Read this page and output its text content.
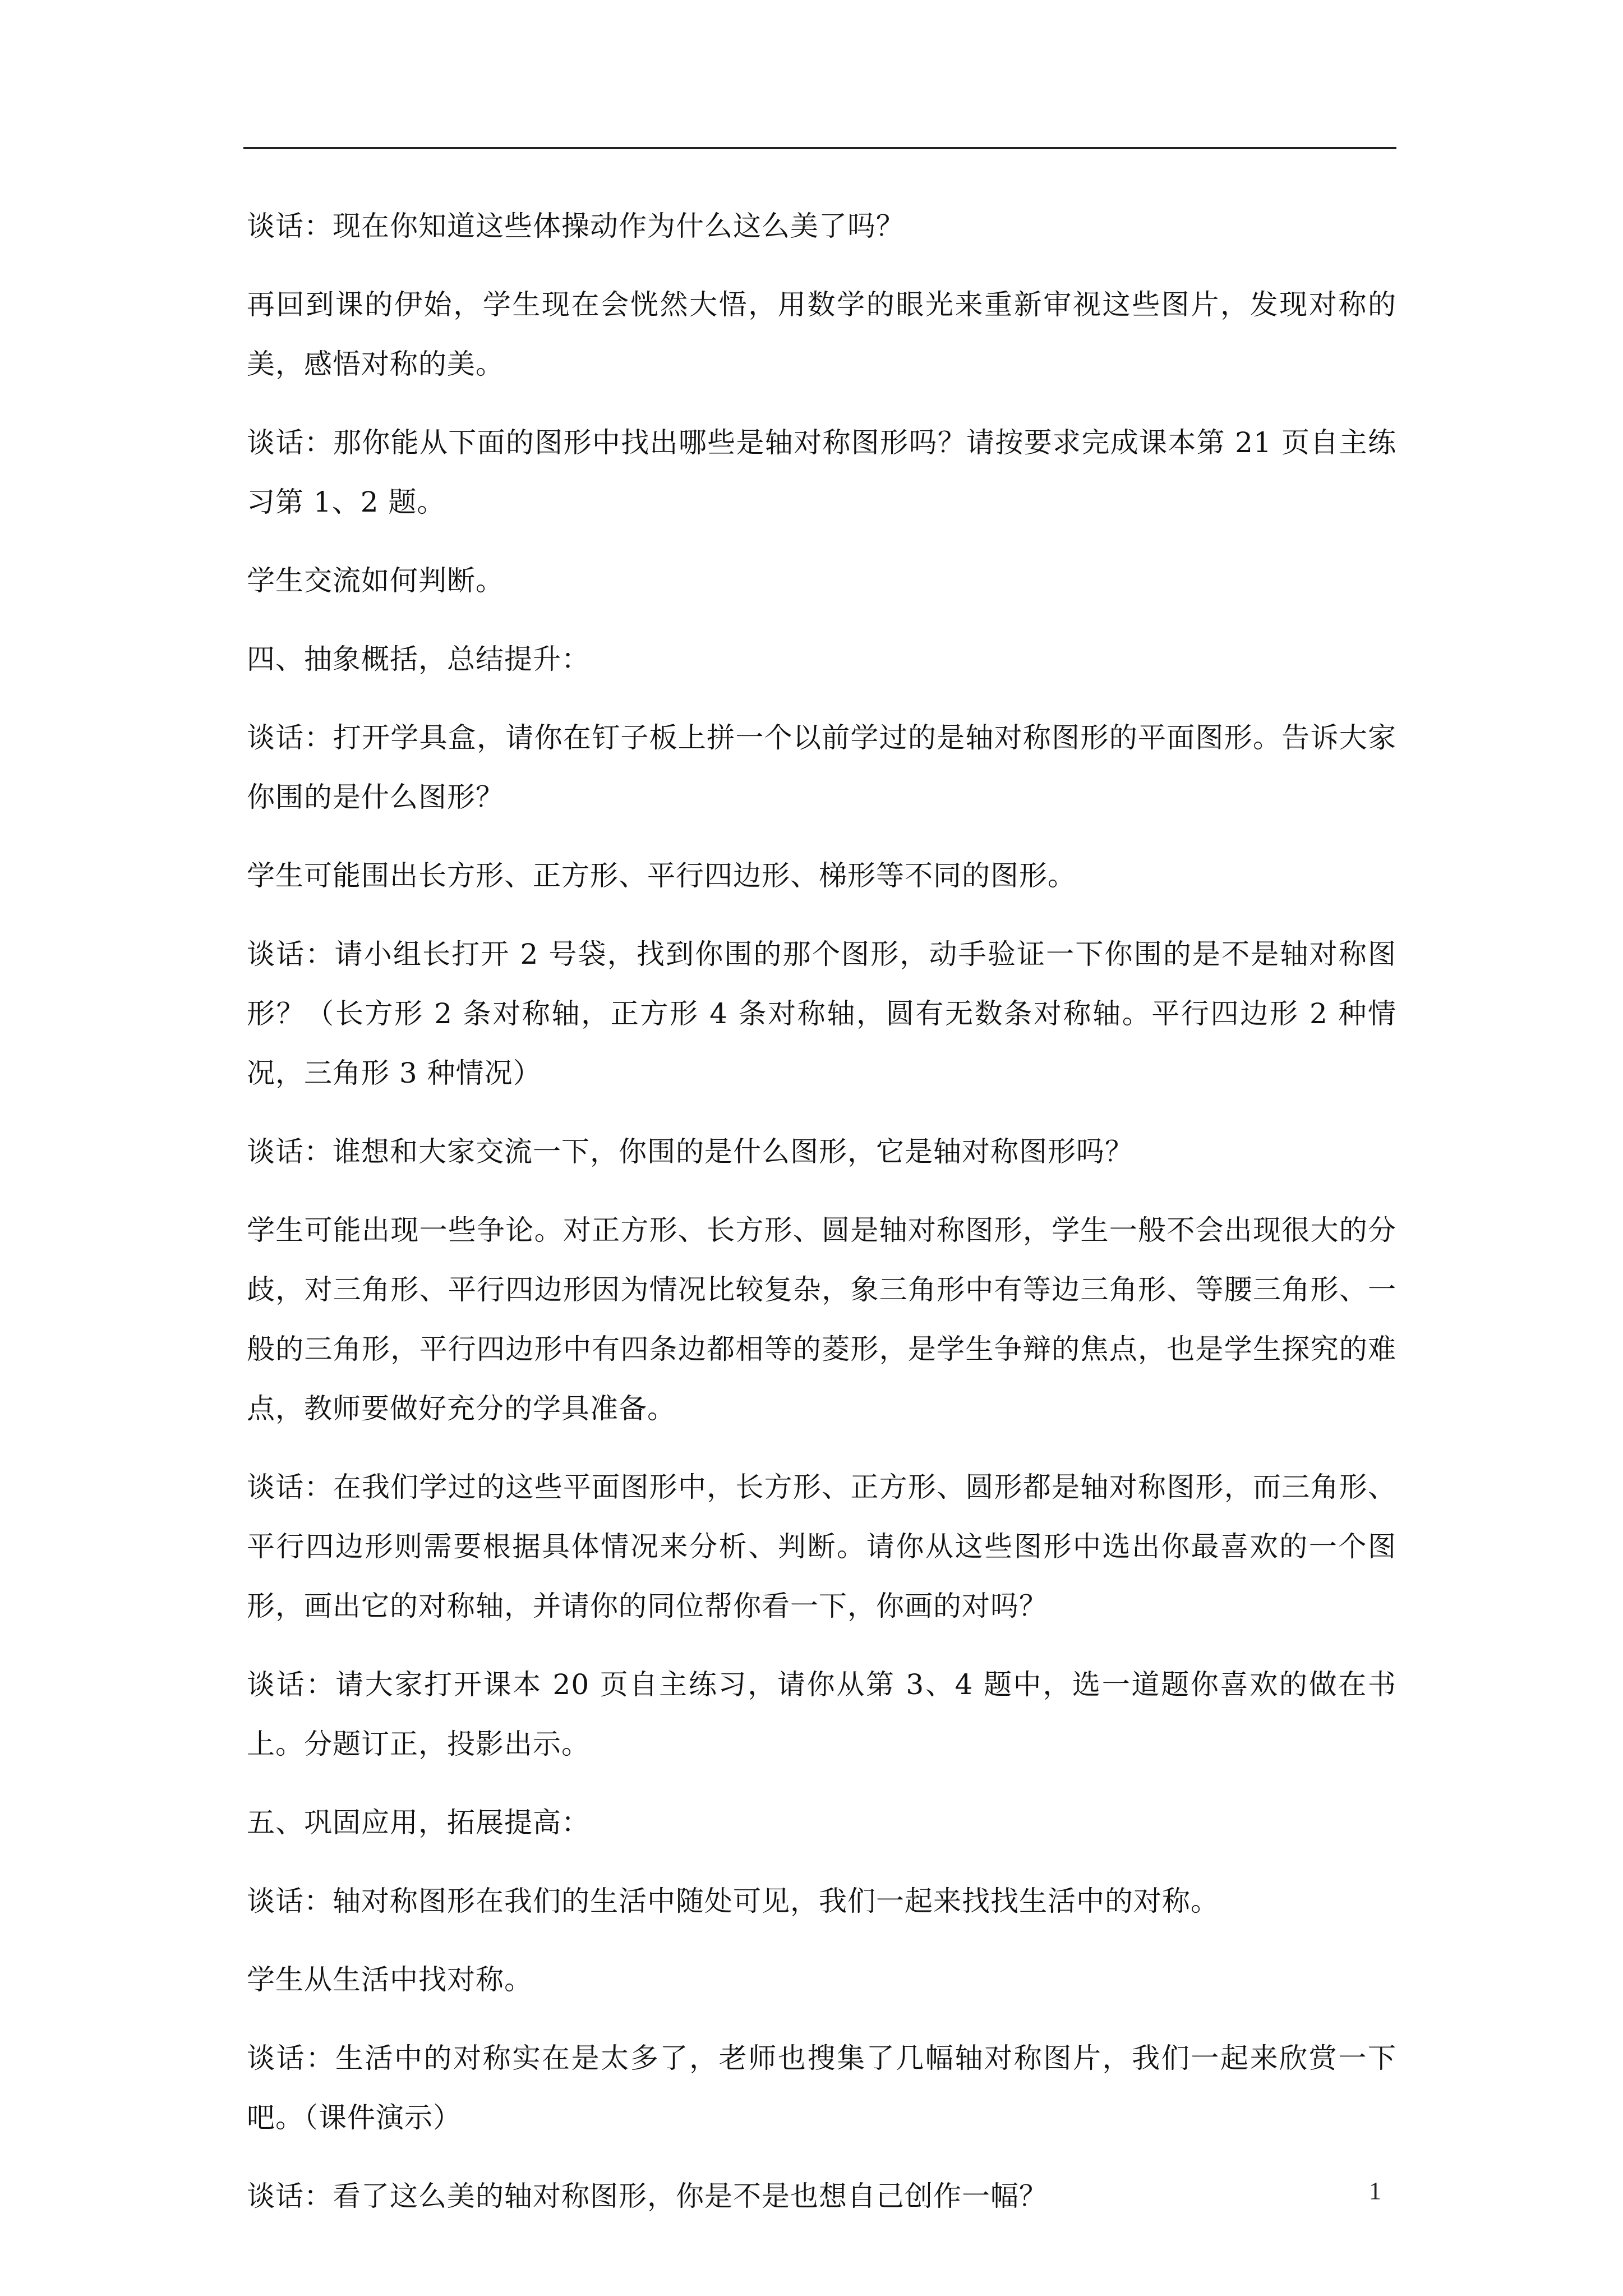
谈话：现在你知道这些体操动作为什么这么美了吗？

再回到课的伊始，学生现在会恍然大悟，用数学的眼光来重新审视这些图片，发现对称的美，感悟对称的美。

谈话：那你能从下面的图形中找出哪些是轴对称图形吗？请按要求完成课本第 21 页自主练习第 1、2 题。

学生交流如何判断。

四、抽象概括，总结提升：

谈话：打开学具盒，请你在钉子板上拼一个以前学过的是轴对称图形的平面图形。告诉大家你围的是什么图形？

学生可能围出长方形、正方形、平行四边形、梯形等不同的图形。

谈话：请小组长打开 2 号袋，找到你围的那个图形，动手验证一下你围的是不是轴对称图形？（长方形 2 条对称轴，正方形 4 条对称轴，圆有无数条对称轴。平行四边形 2 种情况，三角形 3 种情况）

谈话：谁想和大家交流一下，你围的是什么图形，它是轴对称图形吗？

学生可能出现一些争论。对正方形、长方形、圆是轴对称图形，学生一般不会出现很大的分歧，对三角形、平行四边形因为情况比较复杂，象三角形中有等边三角形、等腰三角形、一般的三角形，平行四边形中有四条边都相等的菱形，是学生争辩的焦点，也是学生探究的难点，教师要做好充分的学具准备。

谈话：在我们学过的这些平面图形中，长方形、正方形、圆形都是轴对称图形，而三角形、平行四边形则需要根据具体情况来分析、判断。请你从这些图形中选出你最喜欢的一个图形，画出它的对称轴，并请你的同位帮你看一下，你画的对吗？

谈话：请大家打开课本 20 页自主练习，请你从第 3、4 题中，选一道题你喜欢的做在书上。分题订正，投影出示。

五、巩固应用，拓展提高：

谈话：轴对称图形在我们的生活中随处可见，我们一起来找找生活中的对称。

学生从生活中找对称。

谈话：生活中的对称实在是太多了，老师也搜集了几幅轴对称图片，我们一起来欣赏一下吧。（课件演示）

谈话：看了这么美的轴对称图形，你是不是也想自己创作一幅？	1
